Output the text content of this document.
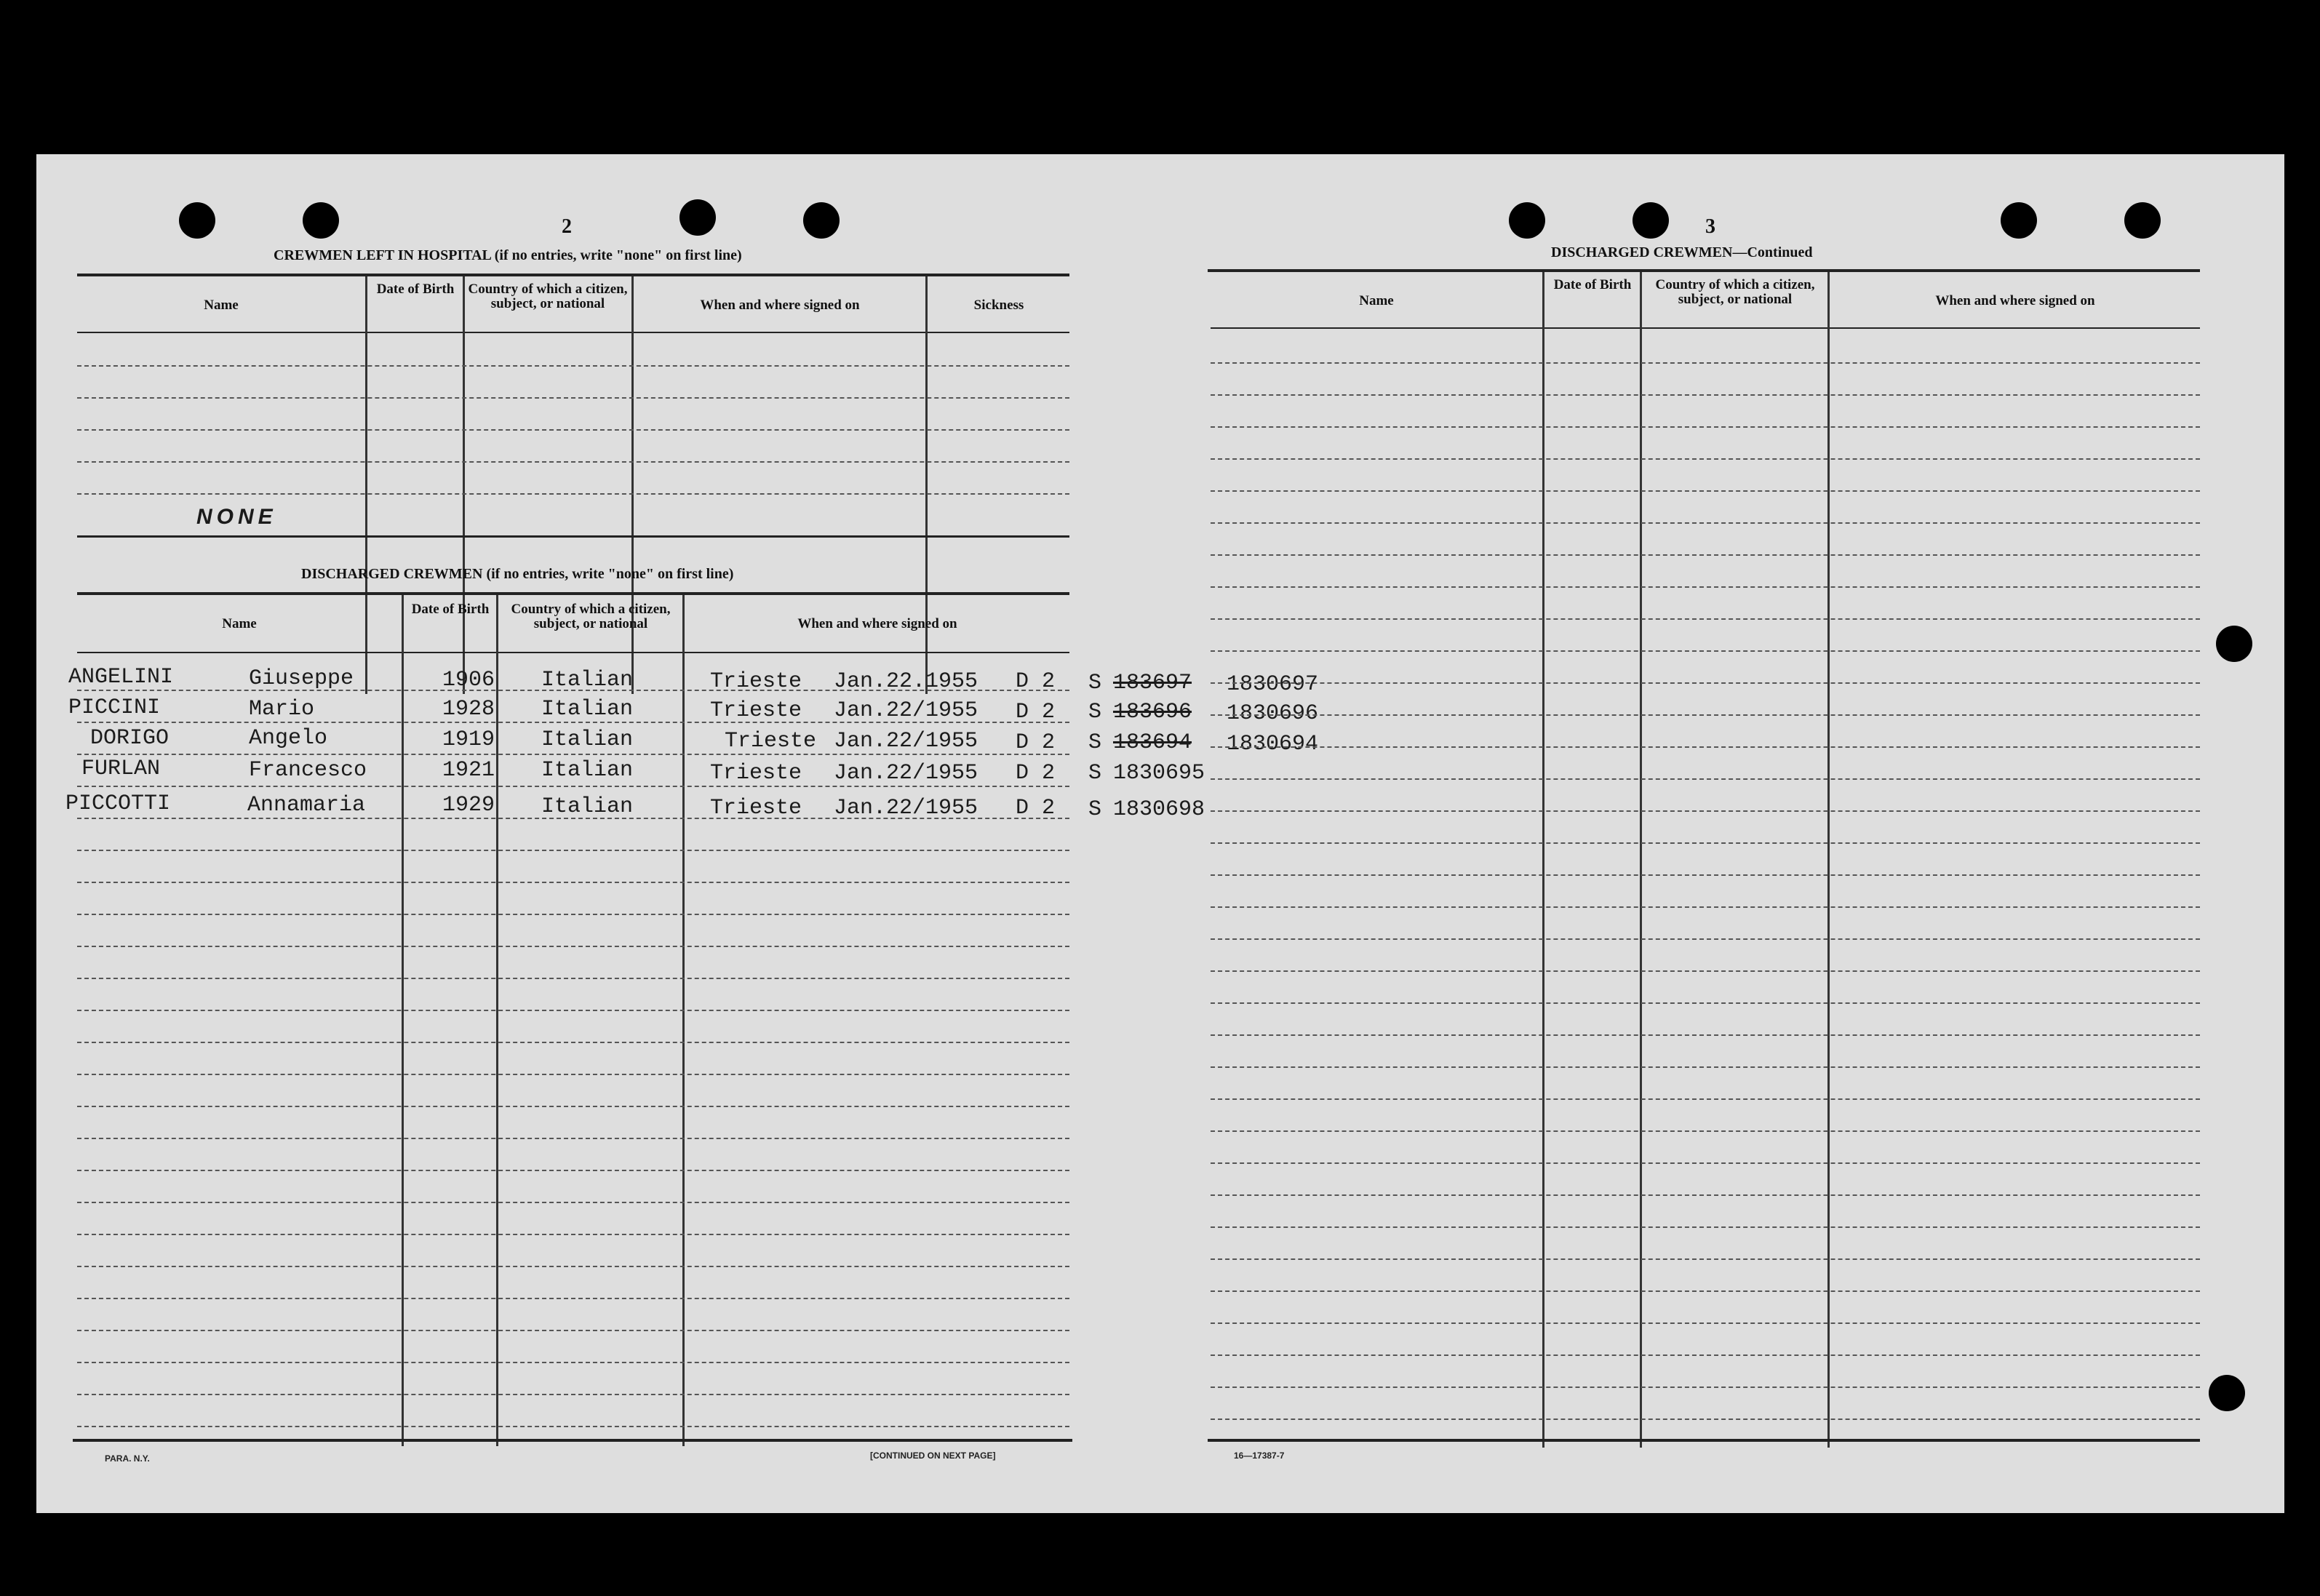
2
CREWMEN LEFT IN HOSPITAL (if no entries, write "none" on first line)
Name
Date of Birth	Country of which a citizen, subject, or national	When and where signed on	Sickness
NONE
DISCHARGED CREWMEN (if no entries, write "none" on first line)
Name
Date of Birth	Country of which a citizen, subject, or national	When and where signed on
ANGELINI	Giuseppe	1906 Italian	Trieste Jan.22.1955 D 2 S 183697 1830697
PICCINI	Mario	1928 Italian	Trieste Jan.22/1955 D 2 S 183696 1830696
DORIGO	Angelo	1919 Italian	Trieste Jan.22/1955 D 2 S 183694 1830694
FURLAN	Francesco	1921 Italian	Trieste Jan.22/1955 D 2 S 1830695
PICCOTTI	Annamaria	1929 Italian	Trieste Jan.22/1955 D 2 S 1830698
PARA. N.Y.	[CONTINUED ON NEXT PAGE]
3
DISCHARGED CREWMEN—Continued
Name
Date of Birth	Country of which a citizen, subject, or national	When and where signed on
16—17387-7
